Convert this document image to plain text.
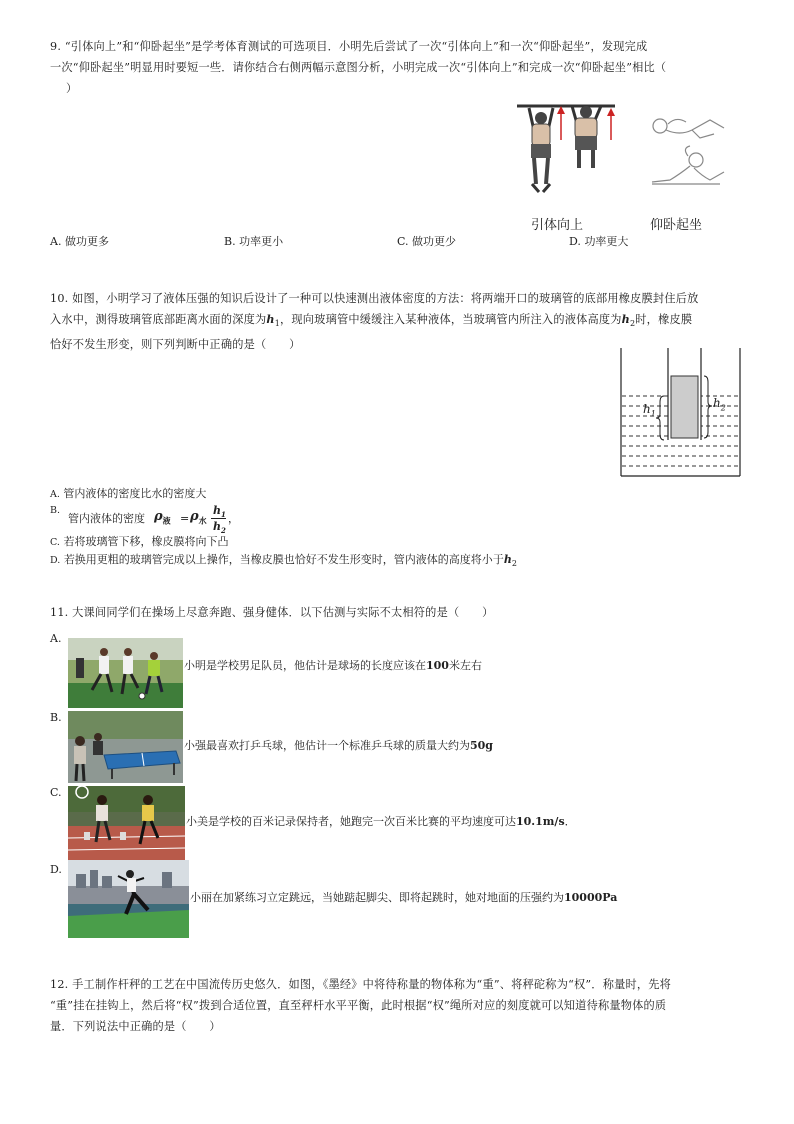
9. “引体向上”和“仰卧起坐”是学考体育测试的可选项目．小明先后尝试了一次“引体向上”和一次“仰卧起坐”，发现完成
一次“仰卧起坐”明显用时要短一些．请你结合右侧两幅示意图分析，小明完成一次“引体向上”和完成一次“仰卧起坐”相比（
）
引体向上	仰卧起坐
A. 做功更多	B. 功率更小	C. 做功更少	D. 功率更大
10. 如图，小明学习了液体压强的知识后设计了一种可以快速测出液体密度的方法：将两端开口的玻璃管的底部用橡皮膜封住后放
入水中，测得玻璃管底部距离水面的深度为$h_1$，现向玻璃管中缓缓注入某种液体，当玻璃管内所注入的液体高度为$h_2$时，橡皮膜
恰好不发生形变，则下列判断中正确的是（　　）
$h_1$
$h_2$
A. 管内液体的密度比水的密度大
B.
管内液体的密度 $\rho_液 = \rho_水$
$h_1$
$h_2$
，
C. 若将玻璃管下移，橡皮膜将向下凸
D. 若换用更粗的玻璃管完成以上操作，当橡皮膜也恰好不发生形变时，管内液体的高度将小于$h_2$
11. 大课间同学们在操场上尽意奔跑、强身健体．以下估测与实际不太相符的是（　　）
A.
小明是学校男足队员，他估计是球场的长度应该在100米左右
B.
小强最喜欢打乒乓球，他估计一个标准乒乓球的质量大约为50g
C.
小美是学校的百米记录保持者，她跑完一次百米比赛的平均速度可达10.1m/s．
D.
小丽在加紧练习立定跳远，当她踮起脚尖、即将起跳时，她对地面的压强约为10000Pa
12. 手工制作杆秤的工艺在中国流传历史悠久．如图，《墨经》中将待称量的物体称为“重”、将秤砣称为“权”．称量时，先将
“重”挂在挂钩上，然后将“权”拨到合适位置，直至秤杆水平平衡，此时根据“权”绳所对应的刻度就可以知道待称量物体的质
量．下列说法中正确的是（　　）
